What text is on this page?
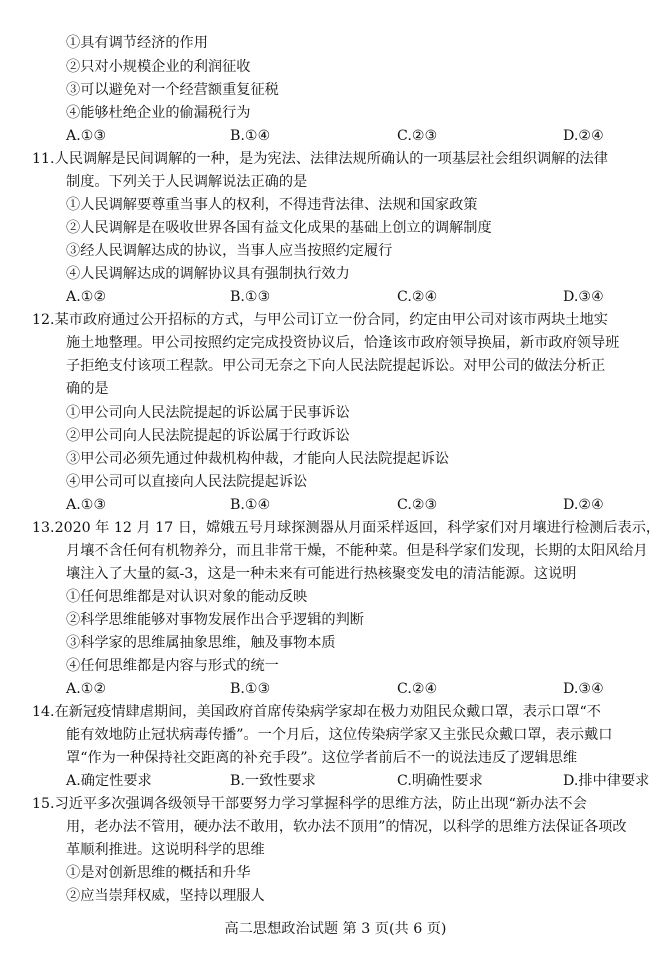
①具有调节经济的作用
②只对小规模企业的利润征收
③可以避免对一个经营额重复征税
④能够杜绝企业的偷漏税行为
A.①③	B.①④	C.②③	D.②④
11.人民调解是民间调解的一种，是为宪法、法律法规所确认的一项基层社会组织调解的法律
制度。下列关于人民调解说法正确的是
①人民调解要尊重当事人的权利，不得违背法律、法规和国家政策
②人民调解是在吸收世界各国有益文化成果的基础上创立的调解制度
③经人民调解达成的协议，当事人应当按照约定履行
④人民调解达成的调解协议具有强制执行效力
A.①②	B.①③	C.②④	D.③④
12.某市政府通过公开招标的方式，与甲公司订立一份合同，约定由甲公司对该市两块土地实
施土地整理。甲公司按照约定完成投资协议后，恰逢该市政府领导换届，新市政府领导班
子拒绝支付该项工程款。甲公司无奈之下向人民法院提起诉讼。对甲公司的做法分析正
确的是
①甲公司向人民法院提起的诉讼属于民事诉讼
②甲公司向人民法院提起的诉讼属于行政诉讼
③甲公司必须先通过仲裁机构仲裁，才能向人民法院提起诉讼
④甲公司可以直接向人民法院提起诉讼
A.①③	B.①④	C.②③	D.②④
13.2020 年 12 月 17 日，嫦娥五号月球探测器从月面采样返回，科学家们对月壤进行检测后表示，
月壤不含任何有机物养分，而且非常干燥，不能种菜。但是科学家们发现，长期的太阳风给月
壤注入了大量的氦-3，这是一种未来有可能进行热核聚变发电的清洁能源。这说明
①任何思维都是对认识对象的能动反映
②科学思维能够对事物发展作出合乎逻辑的判断
③科学家的思维属抽象思维，触及事物本质
④任何思维都是内容与形式的统一
A.①②	B.①③	C.②④	D.③④
14.在新冠疫情肆虐期间，美国政府首席传染病学家却在极力劝阻民众戴口罩，表示口罩“不
能有效地防止冠状病毒传播”。一个月后，这位传染病学家又主张民众戴口罩，表示戴口
罩“作为一种保持社交距离的补充手段”。这位学者前后不一的说法违反了逻辑思维
A.确定性要求	B.一致性要求	C.明确性要求	D.排中律要求
15.习近平多次强调各级领导干部要努力学习掌握科学的思维方法，防止出现“新办法不会
用，老办法不管用，硬办法不敢用，软办法不顶用”的情况，以科学的思维方法保证各项改
革顺利推进。这说明科学的思维
①是对创新思维的概括和升华
②应当崇拜权威，坚持以理服人
高二思想政治试题 第 3 页(共 6 页)
